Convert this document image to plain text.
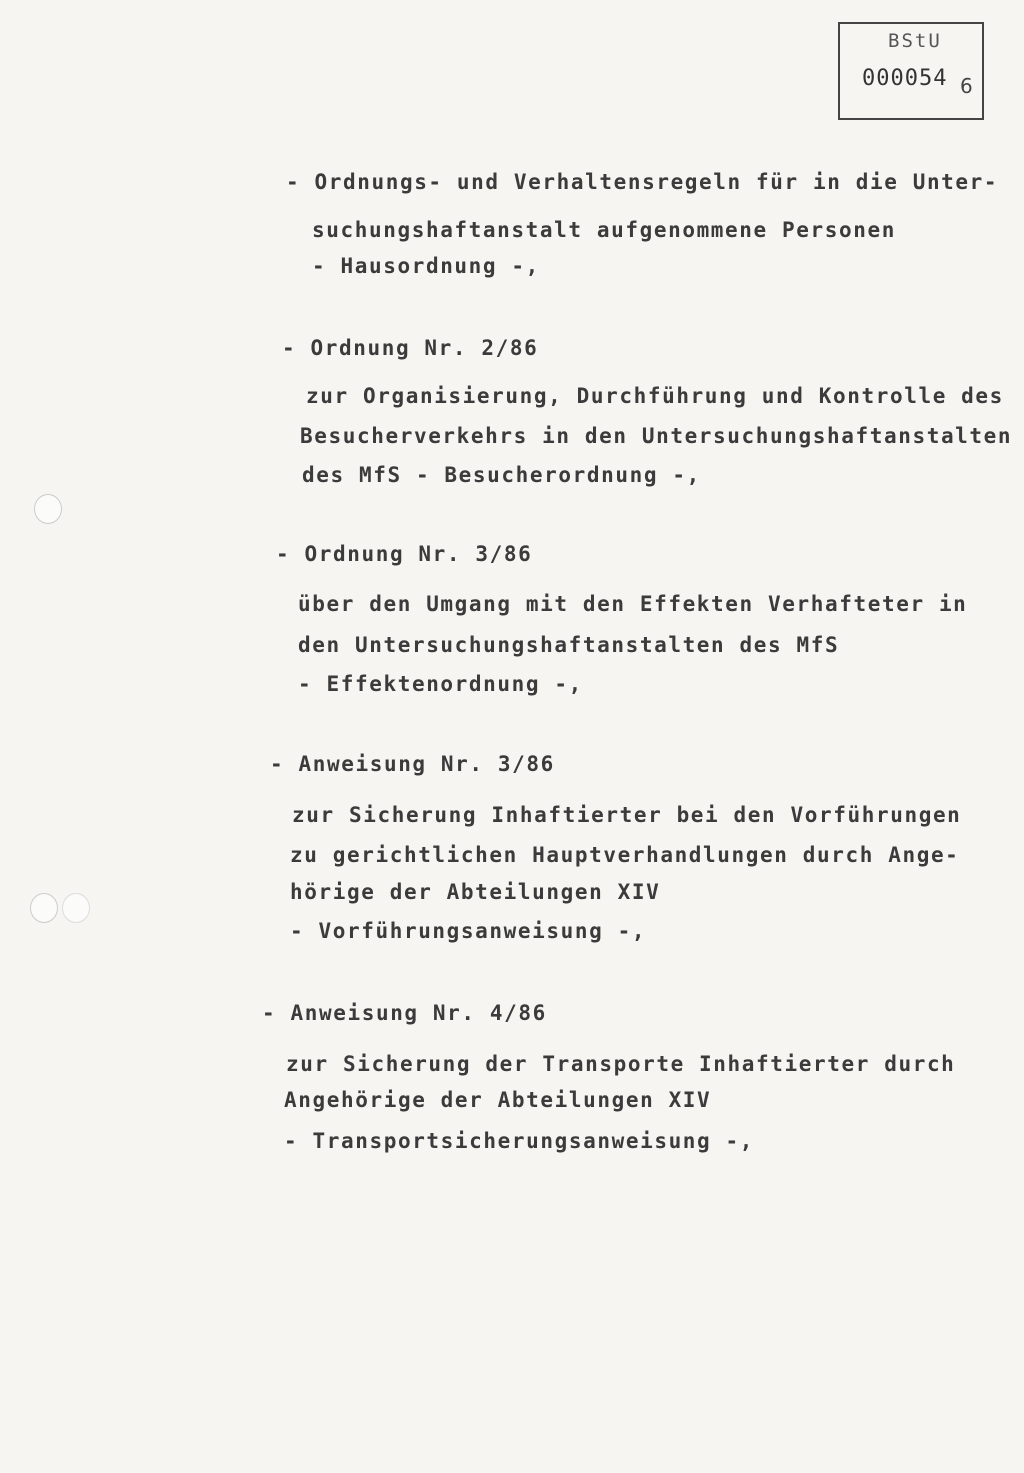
BStU
000054 6
- Ordnungs- und Verhaltensregeln für in die Unter-
suchungshaftanstalt aufgenommene Personen
- Hausordnung -,
- Ordnung Nr. 2/86
zur Organisierung, Durchführung und Kontrolle des
Besucherverkehrs in den Untersuchungshaftanstalten
des MfS - Besucherordnung -,
- Ordnung Nr. 3/86
über den Umgang mit den Effekten Verhafteter in
den Untersuchungshaftanstalten des MfS
- Effektenordnung -,
- Anweisung Nr. 3/86
zur Sicherung Inhaftierter bei den Vorführungen
zu gerichtlichen Hauptverhandlungen durch Ange-
hörige der Abteilungen XIV
- Vorführungsanweisung -,
- Anweisung Nr. 4/86
zur Sicherung der Transporte Inhaftierter durch
Angehörige der Abteilungen XIV
- Transportsicherungsanweisung -,
